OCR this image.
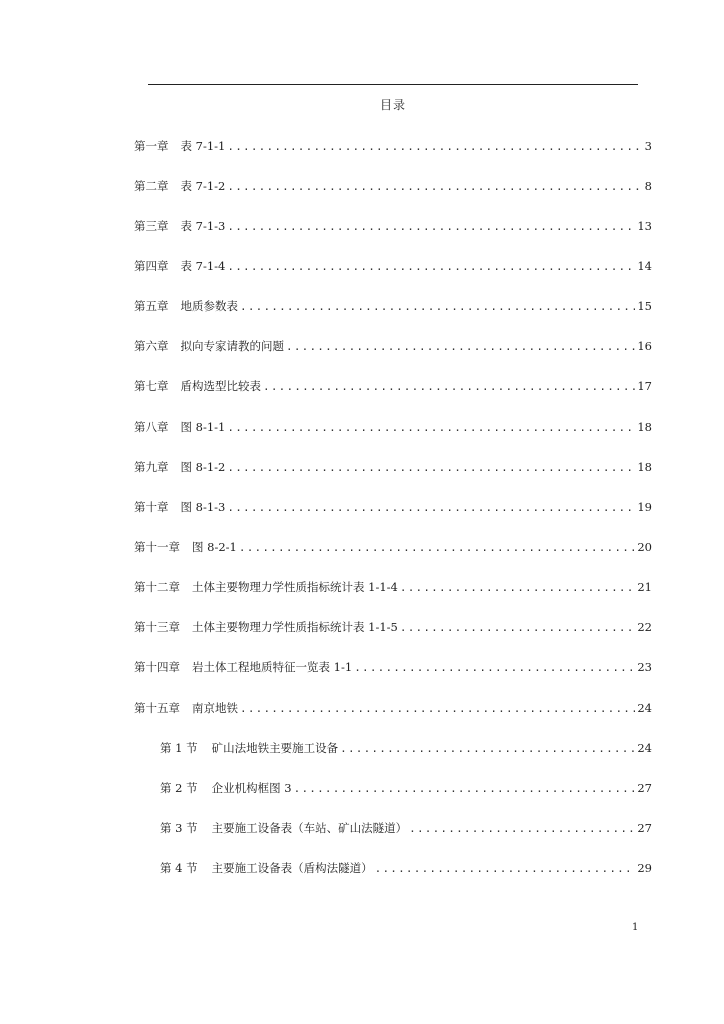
目录
第一章 表 7-1-1 .....	3
第二章 表 7-1-2 .....	8
第三章 表 7-1-3 .....	13
第四章 表 7-1-4 .....	14
第五章 地质参数表 .....	15
第六章 拟向专家请教的问题 .....	16
第七章 盾构选型比较表 .....	17
第八章 图 8-1-1 .....	18
第九章 图 8-1-2 .....	18
第十章 图 8-1-3 .....	19
第十一章 图 8-2-1 .....	20
第十二章 土体主要物理力学性质指标统计表 1-1-4 .....	21
第十三章 土体主要物理力学性质指标统计表 1-1-5 .....	22
第十四章 岩土体工程地质特征一览表 1-1 .....	23
第十五章 南京地铁 .....	24
第 1 节 矿山法地铁主要施工设备 .....	24
第 2 节 企业机构框图 3 .....	27
第 3 节 主要施工设备表（车站、矿山法隧道） .....	27
第 4 节 主要施工设备表（盾构法隧道） .....	29
1
